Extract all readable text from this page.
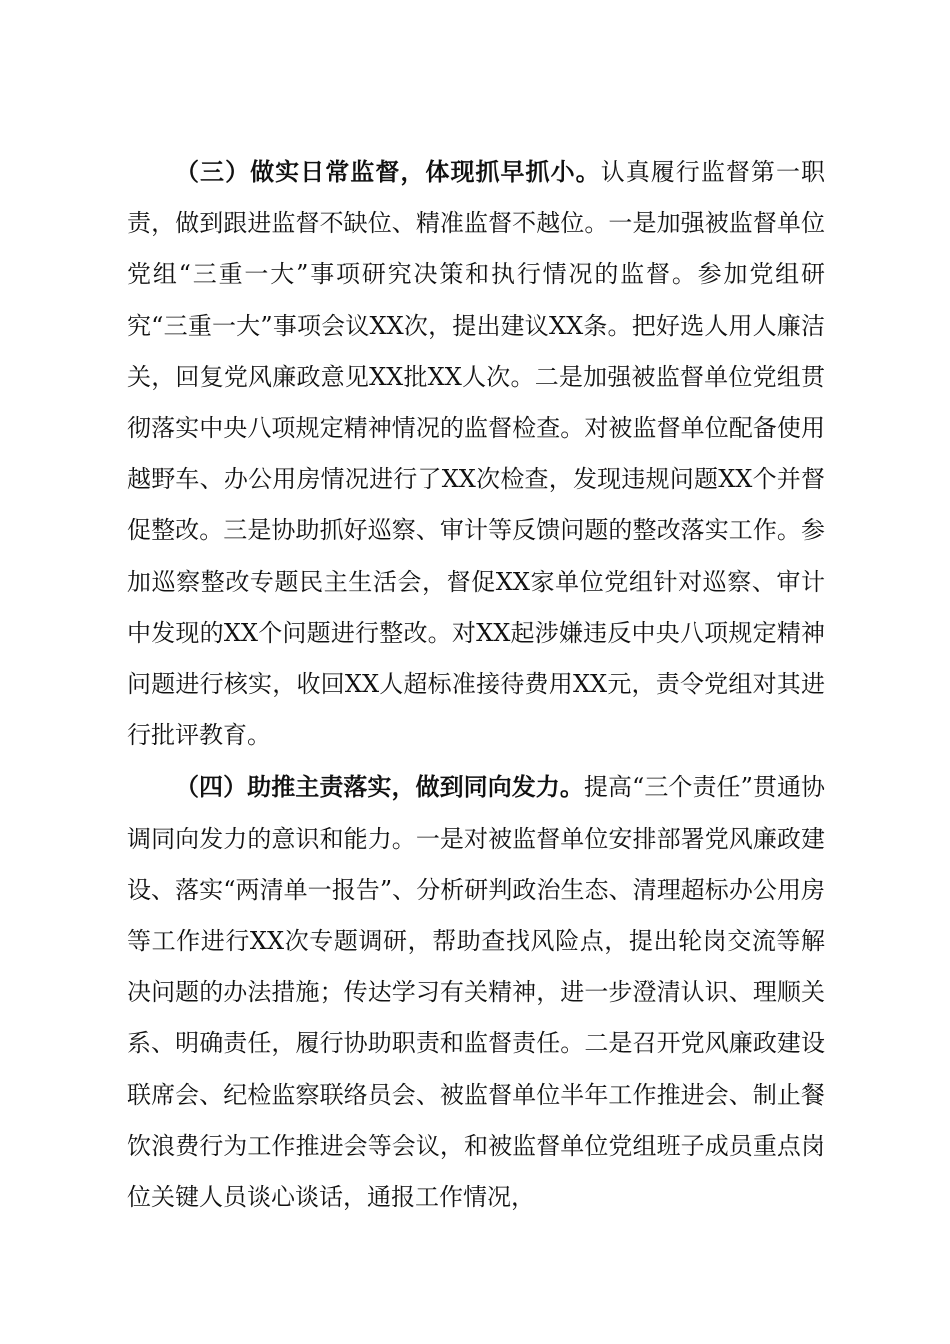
（三）做实日常监督，体现抓早抓小。认真履行监督第一职责，做到跟进监督不缺位、精准监督不越位。一是加强被监督单位党组“三重一大”事项研究决策和执行情况的监督。参加党组研究“三重一大”事项会议XX次，提出建议XX条。把好选人用人廉洁关，回复党风廉政意见XX批XX人次。二是加强被监督单位党组贯彻落实中央八项规定精神情况的监督检查。对被监督单位配备使用越野车、办公用房情况进行了XX次检查，发现违规问题XX个并督促整改。三是协助抓好巡察、审计等反馈问题的整改落实工作。参加巡察整改专题民主生活会，督促XX家单位党组针对巡察、审计中发现的XX个问题进行整改。对XX起涉嫌违反中央八项规定精神问题进行核实，收回XX人超标准接待费用XX元，责令党组对其进行批评教育。

（四）助推主责落实，做到同向发力。提高“三个责任”贯通协调同向发力的意识和能力。一是对被监督单位安排部署党风廉政建设、落实“两清单一报告”、分析研判政治生态、清理超标办公用房等工作进行XX次专题调研，帮助查找风险点，提出轮岗交流等解决问题的办法措施；传达学习有关精神，进一步澄清认识、理顺关系、明确责任，履行协助职责和监督责任。二是召开党风廉政建设联席会、纪检监察联络员会、被监督单位半年工作推进会、制止餐饮浪费行为工作推进会等会议，和被监督单位党组班子成员重点岗位关键人员谈心谈话，通报工作情况，
